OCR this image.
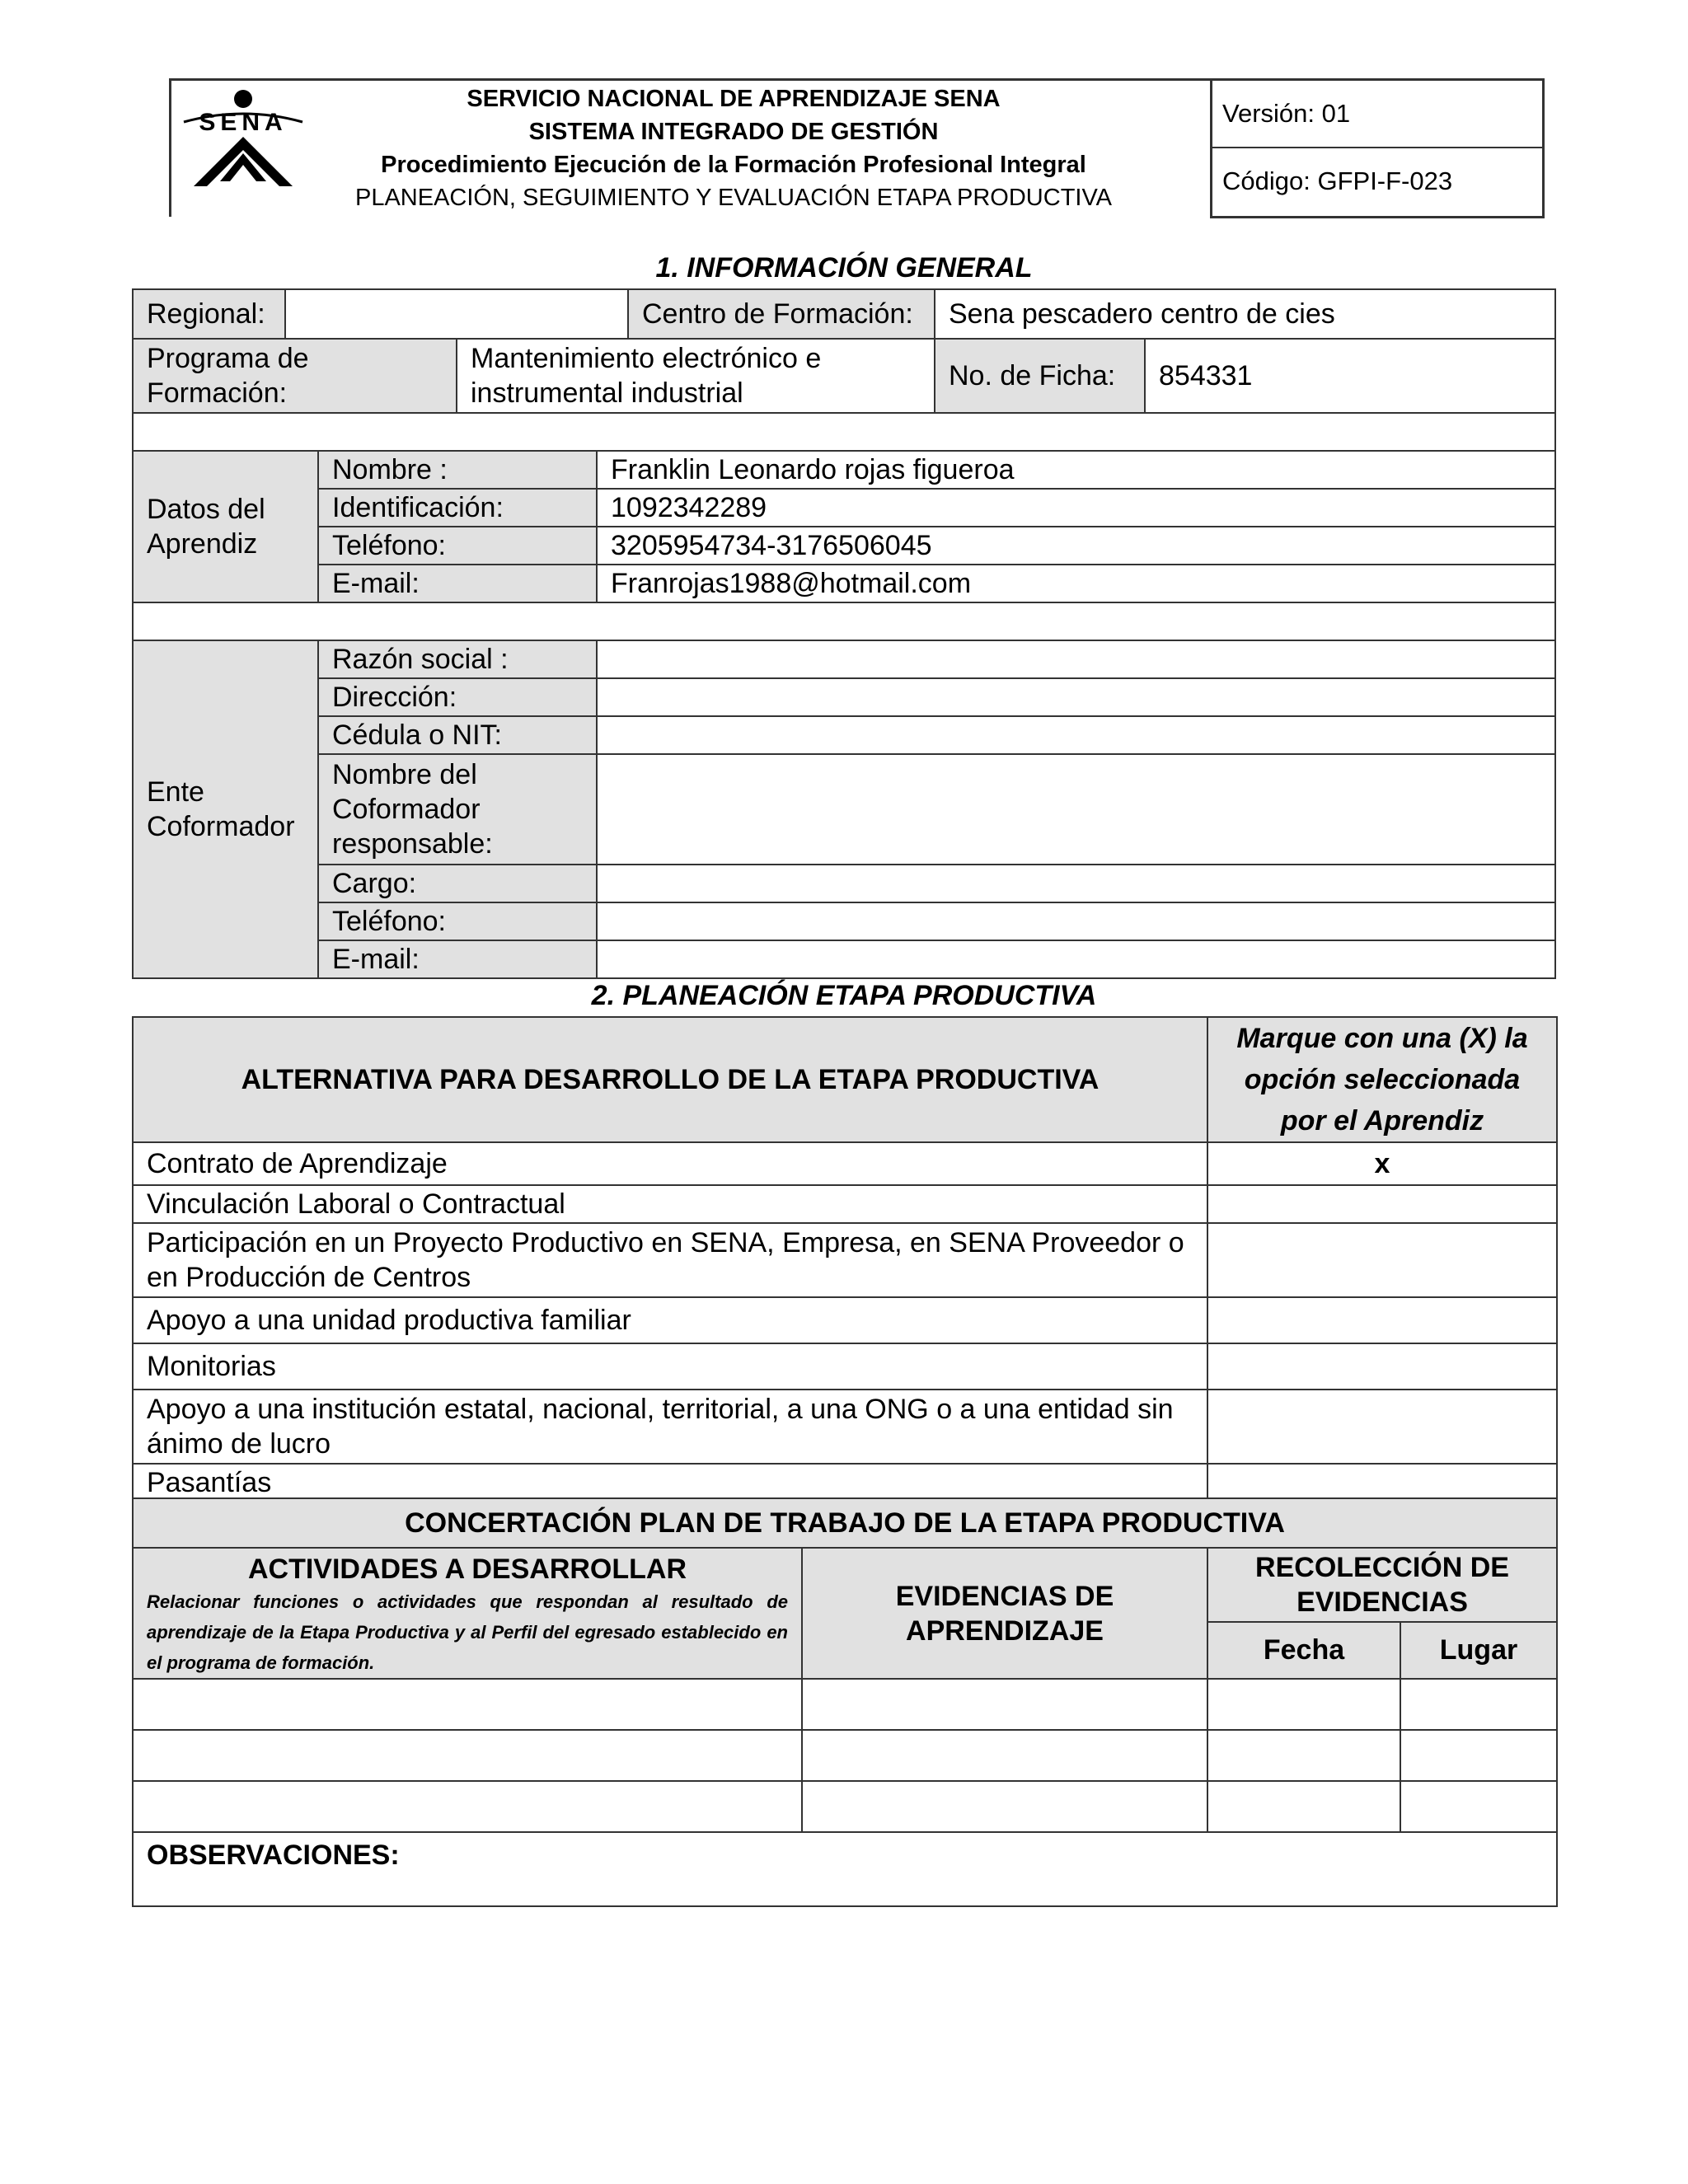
SENA
SERVICIO NACIONAL DE APRENDIZAJE SENA
SISTEMA INTEGRADO DE GESTIÓN
Procedimiento Ejecución de la Formación Profesional Integral
PLANEACIÓN, SEGUIMIENTO Y EVALUACIÓN ETAPA PRODUCTIVA
Versión: 01
Código: GFPI-F-023
1. INFORMACIÓN GENERAL
Regional:					Centro de Formación:	Sena pescadero centro de cies	
Programa de Formación:			Mantenimiento electrónico e instrumental industrial			No. de Ficha:	854331

Datos del Aprendiz		Nombre :		Franklin Leonardo rojas figueroa			
		Identificación:		1092342289			
		Teléfono:		3205954734-3176506045			
		E-mail:		Franrojas1988@hotmail.com			

Ente Coformador		Razón social :					
		Dirección:					
		Cédula o NIT:					
		Nombre del Coformador responsable:					
		Cargo:					
		Teléfono:					
		E-mail:					
2. PLANEACIÓN ETAPA PRODUCTIVA
ALTERNATIVA PARA DESARROLLO DE LA ETAPA PRODUCTIVA	Marque con una (X) la opción seleccionada por el Aprendiz
Contrato de Aprendizaje	x
Vinculación Laboral o Contractual	
Participación en un Proyecto Productivo en SENA, Empresa, en SENA Proveedor o en Producción de Centros	
Apoyo a una unidad productiva familiar	
Monitorias	
Apoyo a una institución estatal, nacional, territorial, a una ONG o a una entidad sin ánimo de lucro	
Pasantías	
CONCERTACIÓN PLAN DE TRABAJO DE LA ETAPA PRODUCTIVA			

ACTIVIDADES A DESARROLLAR
Relacionar funciones o actividades que respondan al resultado de aprendizaje de la Etapa Productiva y al Perfil del egresado establecido en el programa de formación.	EVIDENCIAS DE APRENDIZAJE	RECOLECCIÓN DE EVIDENCIAS	
		Fecha	Lugar

OBSERVACIONES:			
